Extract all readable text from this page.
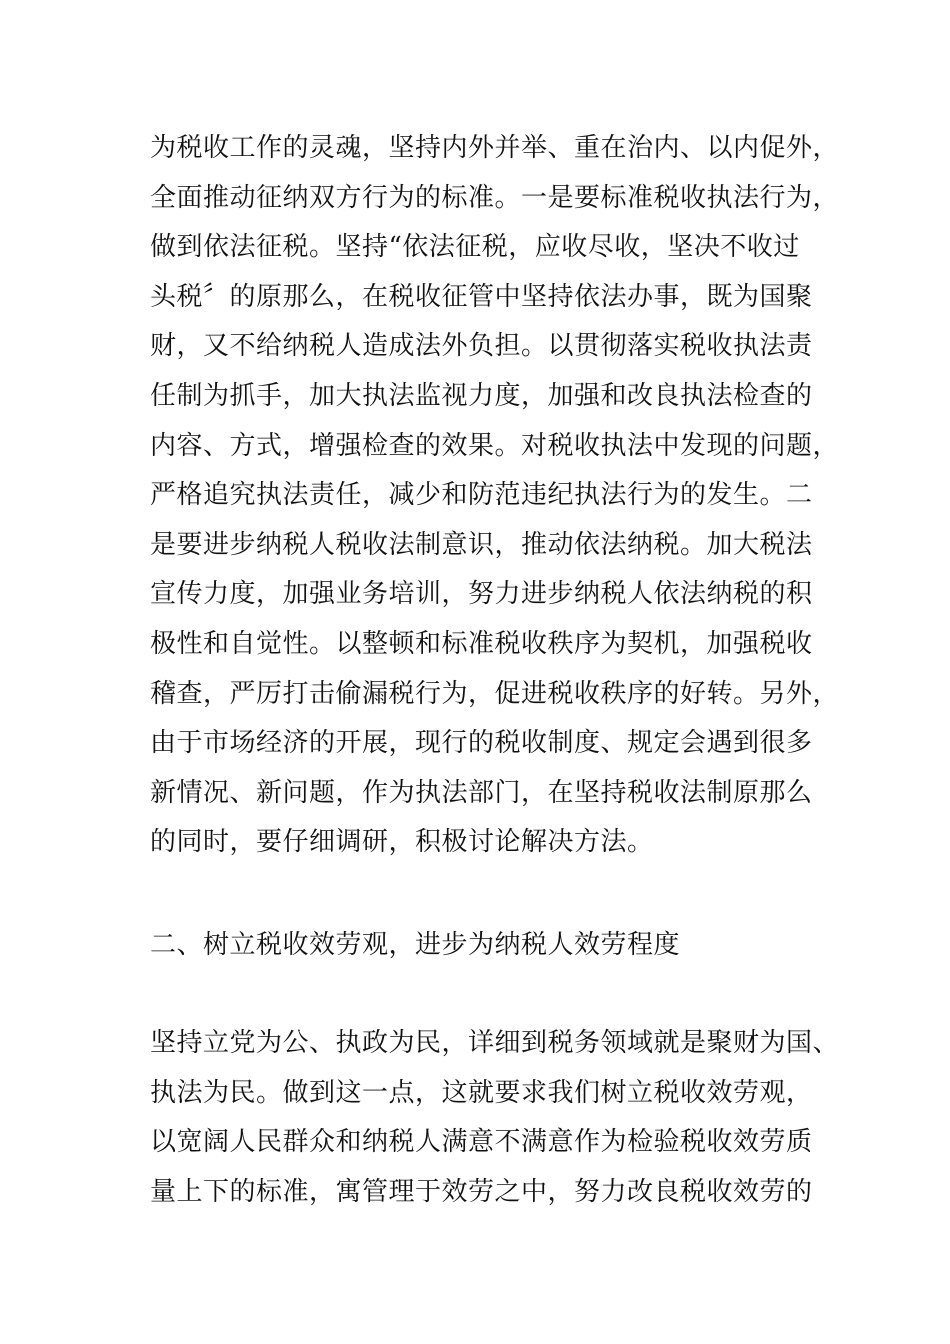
为税收工作的灵魂，坚持内外并举、重在治内、以内促外，
全面推动征纳双方行为的标准。一是要标准税收执法行为，
做到依法征税。坚持“依法征税，应收尽收，坚决不收过
头税〞的原那么，在税收征管中坚持依法办事，既为国聚
财，又不给纳税人造成法外负担。以贯彻落实税收执法责
任制为抓手，加大执法监视力度，加强和改良执法检查的
内容、方式，增强检查的效果。对税收执法中发现的问题，
严格追究执法责任，减少和防范违纪执法行为的发生。二
是要进步纳税人税收法制意识，推动依法纳税。加大税法
宣传力度，加强业务培训，努力进步纳税人依法纳税的积
极性和自觉性。以整顿和标准税收秩序为契机，加强税收
稽查，严厉打击偷漏税行为，促进税收秩序的好转。另外，
由于市场经济的开展，现行的税收制度、规定会遇到很多
新情况、新问题，作为执法部门，在坚持税收法制原那么
的同时，要仔细调研，积极讨论解决方法。
二、树立税收效劳观，进步为纳税人效劳程度
坚持立党为公、执政为民，详细到税务领域就是聚财为国、
执法为民。做到这一点，这就要求我们树立税收效劳观，
以宽阔人民群众和纳税人满意不满意作为检验税收效劳质
量上下的标准，寓管理于效劳之中，努力改良税收效劳的
